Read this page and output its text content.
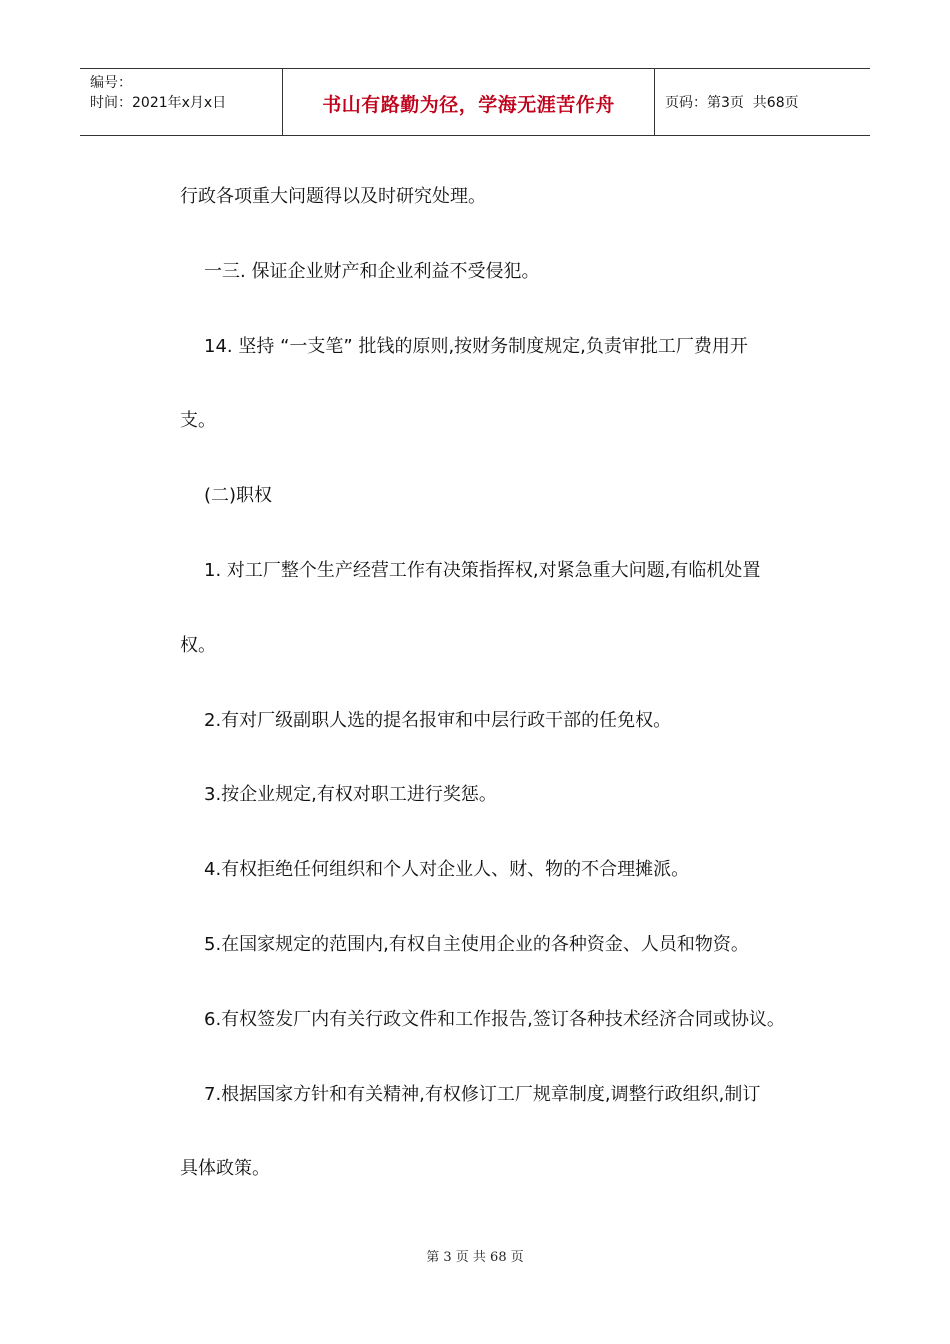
编号：
时间：2021年x月x日	书山有路勤为径，学海无涯苦作舟	页码：第3页  共68页

行政各项重大问题得以及时研究处理。

一三. 保证企业财产和企业利益不受侵犯。

14. 坚持 “一支笔” 批钱的原则,按财务制度规定,负责审批工厂费用开

支。

(二)职权

1. 对工厂整个生产经营工作有决策指挥权,对紧急重大问题,有临机处置

权。

2.有对厂级副职人选的提名报审和中层行政干部的任免权。

3.按企业规定,有权对职工进行奖惩。

4.有权拒绝任何组织和个人对企业人、财、物的不合理摊派。

5.在国家规定的范围内,有权自主使用企业的各种资金、人员和物资。

6.有权签发厂内有关行政文件和工作报告,签订各种技术经济合同或协议。

7.根据国家方针和有关精神,有权修订工厂规章制度,调整行政组织,制订

具体政策。

第 3 页 共 68 页
